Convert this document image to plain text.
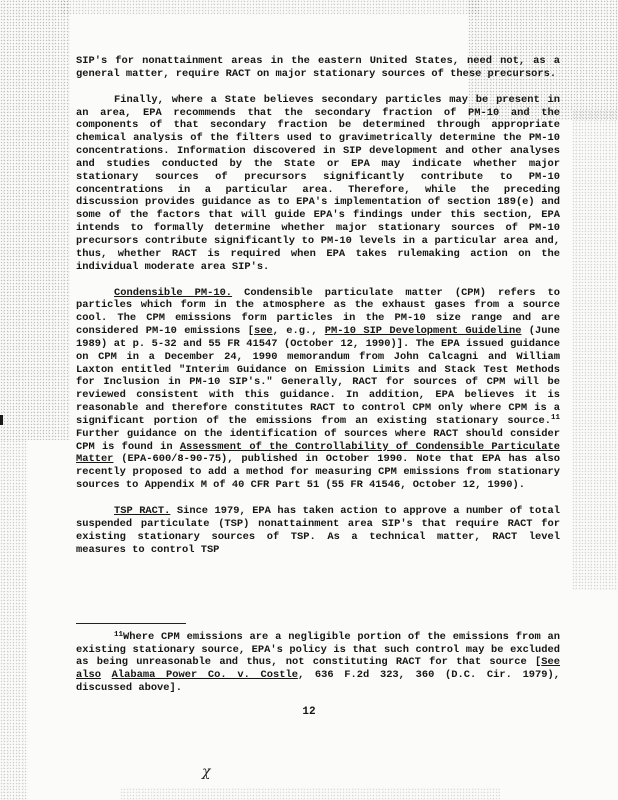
SIP's for nonattainment areas in the eastern United States, need not, as a general matter, require RACT on major stationary sources of these precursors.

Finally, where a State believes secondary particles may be present in an area, EPA recommends that the secondary fraction of PM-10 and the components of that secondary fraction be determined through appropriate chemical analysis of the filters used to gravimetrically determine the PM-10 concentrations. Information discovered in SIP development and other analyses and studies conducted by the State or EPA may indicate whether major stationary sources of precursors significantly contribute to PM-10 concentrations in a particular area. Therefore, while the preceding discussion provides guidance as to EPA's implementation of section 189(e) and some of the factors that will guide EPA's findings under this section, EPA intends to formally determine whether major stationary sources of PM-10 precursors contribute significantly to PM-10 levels in a particular area and, thus, whether RACT is required when EPA takes rulemaking action on the individual moderate area SIP's.

Condensible PM-10. Condensible particulate matter (CPM) refers to particles which form in the atmosphere as the exhaust gases from a source cool. The CPM emissions form particles in the PM-10 size range and are considered PM-10 emissions [see, e.g., PM-10 SIP Development Guideline (June 1989) at p. 5-32 and 55 FR 41547 (October 12, 1990)]. The EPA issued guidance on CPM in a December 24, 1990 memorandum from John Calcagni and William Laxton entitled "Interim Guidance on Emission Limits and Stack Test Methods for Inclusion in PM-10 SIP's." Generally, RACT for sources of CPM will be reviewed consistent with this guidance. In addition, EPA believes it is reasonable and therefore constitutes RACT to control CPM only where CPM is a significant portion of the emissions from an existing stationary source.$^{11}$ Further guidance on the identification of sources where RACT should consider CPM is found in Assessment of the Controllability of Condensible Particulate Matter (EPA-600/8-90-75), published in October 1990. Note that EPA has also recently proposed to add a method for measuring CPM emissions from stationary sources to Appendix M of 40 CFR Part 51 (55 FR 41546, October 12, 1990).

TSP RACT. Since 1979, EPA has taken action to approve a number of total suspended particulate (TSP) nonattainment area SIP's that require RACT for existing stationary sources of TSP. As a technical matter, RACT level measures to control TSP

$^{11}$Where CPM emissions are a negligible portion of the emissions from an existing stationary source, EPA's policy is that such control may be excluded as being unreasonable and thus, not constituting RACT for that source [See also Alabama Power Co. v. Costle, 636 F.2d 323, 360 (D.C. Cir. 1979), discussed above].
12
χ
